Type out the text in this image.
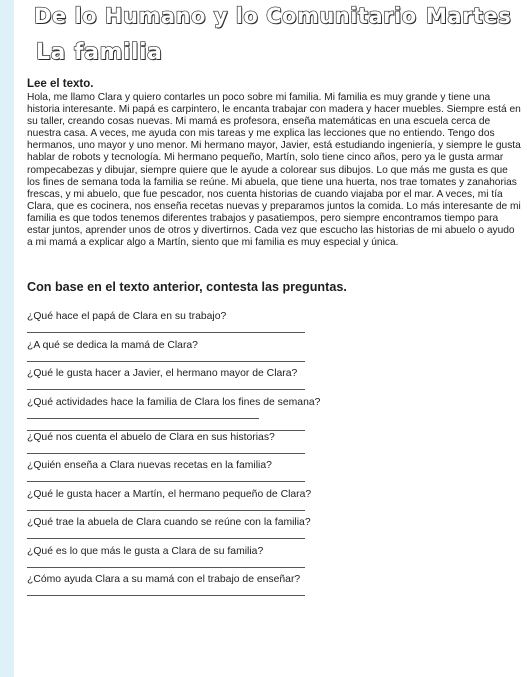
De lo Humano y lo Comunitario Martes
La familia

Lee el texto.

Hola, me llamo Clara y quiero contarles un poco sobre mi familia. Mi familia es muy grande y tiene una historia interesante. Mi papá es carpintero, le encanta trabajar con madera y hacer muebles. Siempre está en su taller, creando cosas nuevas. Mi mamá es profesora, enseña matemáticas en una escuela cerca de nuestra casa. A veces, me ayuda con mis tareas y me explica las lecciones que no entiendo. Tengo dos hermanos, uno mayor y uno menor. Mi hermano mayor, Javier, está estudiando ingeniería, y siempre le gusta hablar de robots y tecnología. Mi hermano pequeño, Martín, solo tiene cinco años, pero ya le gusta armar rompecabezas y dibujar, siempre quiere que le ayude a colorear sus dibujos. Lo que más me gusta es que los fines de semana toda la familia se reúne. Mi abuela, que tiene una huerta, nos trae tomates y zanahorias frescas, y mi abuelo, que fue pescador, nos cuenta historias de cuando viajaba por el mar. A veces, mi tía Clara, que es cocinera, nos enseña recetas nuevas y preparamos juntos la comida. Lo más interesante de mi familia es que todos tenemos diferentes trabajos y pasatiempos, pero siempre encontramos tiempo para estar juntos, aprender unos de otros y divertirnos. Cada vez que escucho las historias de mi abuelo o ayudo a mi mamá a explicar algo a Martín, siento que mi familia es muy especial y única.

Con base en el texto anterior, contesta las preguntas.

¿Qué hace el papá de Clara en su trabajo?
¿A qué se dedica la mamá de Clara?
¿Qué le gusta hacer a Javier, el hermano mayor de Clara?
¿Qué actividades hace la familia de Clara los fines de semana?
¿Qué nos cuenta el abuelo de Clara en sus historias?
¿Quién enseña a Clara nuevas recetas en la familia?
¿Qué le gusta hacer a Martín, el hermano pequeño de Clara?
¿Qué trae la abuela de Clara cuando se reúne con la familia?
¿Qué es lo que más le gusta a Clara de su familia?
¿Cómo ayuda Clara a su mamá con el trabajo de enseñar?
